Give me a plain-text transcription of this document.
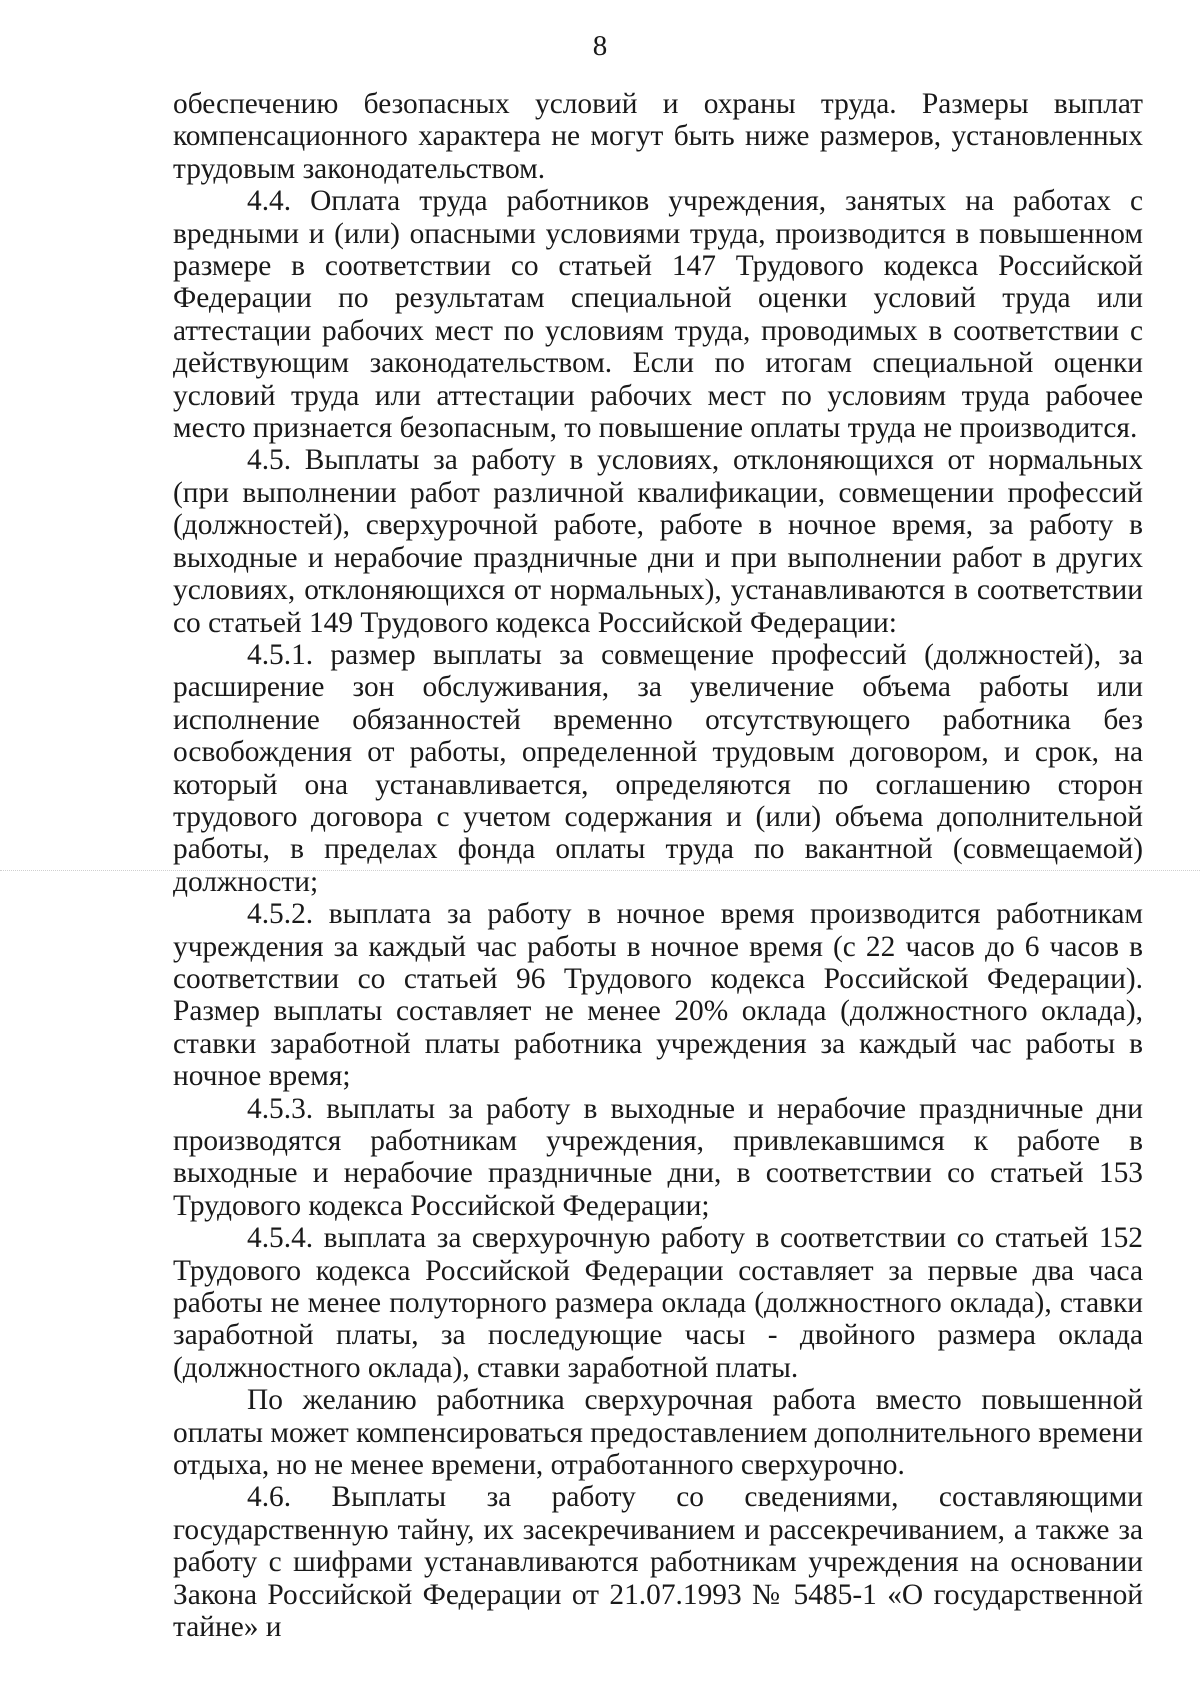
8

обеспечению безопасных условий и охраны труда. Размеры выплат компенсационного характера не могут быть ниже размеров, установленных трудовым законодательством.

4.4. Оплата труда работников учреждения, занятых на работах с вредными и (или) опасными условиями труда, производится в повышенном размере в соответствии со статьей 147 Трудового кодекса Российской Федерации по результатам специальной оценки условий труда или аттестации рабочих мест по условиям труда, проводимых в соответствии с действующим законодательством. Если по итогам специальной оценки условий труда или аттестации рабочих мест по условиям труда рабочее место признается безопасным, то повышение оплаты труда не производится.

4.5. Выплаты за работу в условиях, отклоняющихся от нормальных (при выполнении работ различной квалификации, совмещении профессий (должностей), сверхурочной работе, работе в ночное время, за работу в выходные и нерабочие праздничные дни и при выполнении работ в других условиях, отклоняющихся от нормальных), устанавливаются в соответствии со статьей 149 Трудового кодекса Российской Федерации:

4.5.1. размер выплаты за совмещение профессий (должностей), за расширение зон обслуживания, за увеличение объема работы или исполнение обязанностей временно отсутствующего работника без освобождения от работы, определенной трудовым договором, и срок, на который она устанавливается, определяются по соглашению сторон трудового договора с учетом содержания и (или) объема дополнительной работы, в пределах фонда оплаты труда по вакантной (совмещаемой) должности;

4.5.2. выплата за работу в ночное время производится работникам учреждения за каждый час работы в ночное время (с 22 часов до 6 часов в соответствии со статьей 96 Трудового кодекса Российской Федерации). Размер выплаты составляет не менее 20% оклада (должностного оклада), ставки заработной платы работника учреждения за каждый час работы в ночное время;

4.5.3. выплаты за работу в выходные и нерабочие праздничные дни производятся работникам учреждения, привлекавшимся к работе в выходные и нерабочие праздничные дни, в соответствии со статьей 153 Трудового кодекса Российской Федерации;

4.5.4. выплата за сверхурочную работу в соответствии со статьей 152 Трудового кодекса Российской Федерации составляет за первые два часа работы не менее полуторного размера оклада (должностного оклада), ставки заработной платы, за последующие часы - двойного размера оклада (должностного оклада), ставки заработной платы.

По желанию работника сверхурочная работа вместо повышенной оплаты может компенсироваться предоставлением дополнительного времени отдыха, но не менее времени, отработанного сверхурочно.

4.6. Выплаты за работу со сведениями, составляющими государственную тайну, их засекречиванием и рассекречиванием, а также за работу с шифрами устанавливаются работникам учреждения на основании Закона Российской Федерации от 21.07.1993 № 5485-1 «О государственной тайне» и
